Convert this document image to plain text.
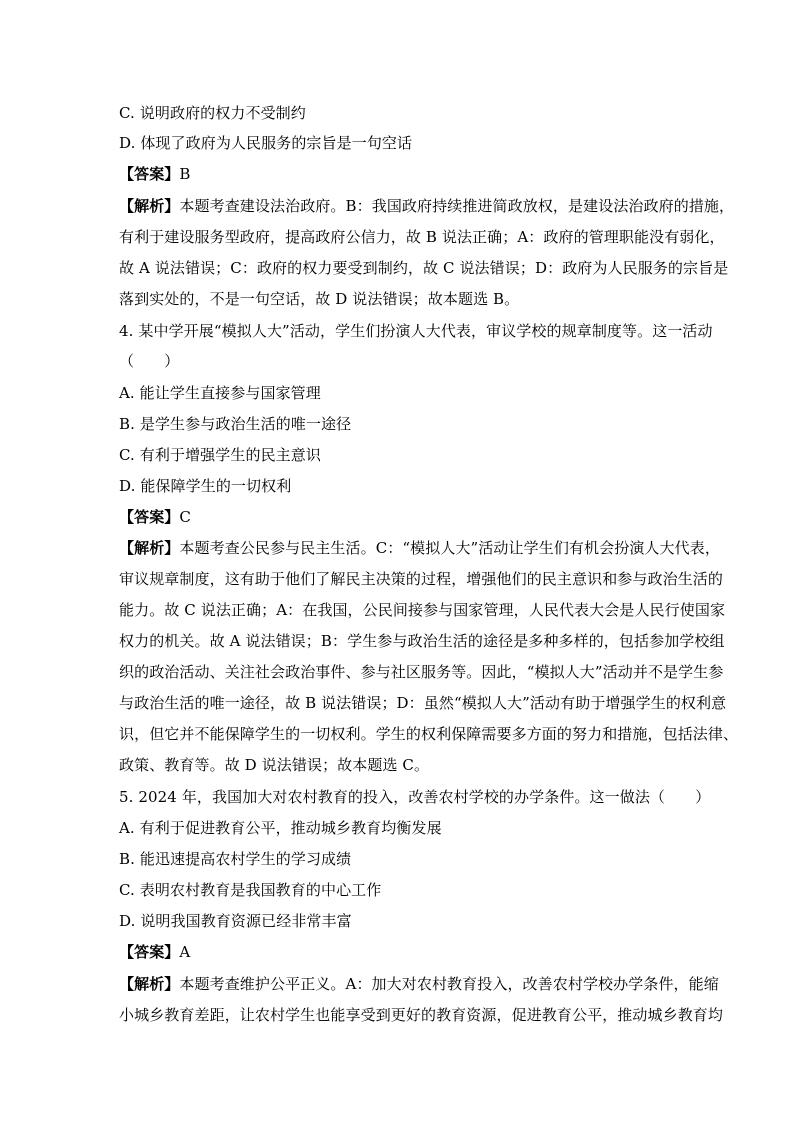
C. 说明政府的权力不受制约
D. 体现了政府为人民服务的宗旨是一句空话
【答案】B
【解析】本题考查建设法治政府。B：我国政府持续推进简政放权，是建设法治政府的措施，
有利于建设服务型政府，提高政府公信力，故 B 说法正确；A：政府的管理职能没有弱化，
故 A 说法错误；C：政府的权力要受到制约，故 C 说法错误；D：政府为人民服务的宗旨是
落到实处的，不是一句空话，故 D 说法错误；故本题选 B。
4. 某中学开展“模拟人大”活动，学生们扮演人大代表，审议学校的规章制度等。这一活动
（　　）
A. 能让学生直接参与国家管理
B. 是学生参与政治生活的唯一途径
C. 有利于增强学生的民主意识
D. 能保障学生的一切权利
【答案】C
【解析】本题考查公民参与民主生活。C：“模拟人大”活动让学生们有机会扮演人大代表，
审议规章制度，这有助于他们了解民主决策的过程，增强他们的民主意识和参与政治生活的
能力。故 C 说法正确；A：在我国，公民间接参与国家管理，人民代表大会是人民行使国家
权力的机关。故 A 说法错误；B：学生参与政治生活的途径是多种多样的，包括参加学校组
织的政治活动、关注社会政治事件、参与社区服务等。因此，“模拟人大”活动并不是学生参
与政治生活的唯一途径，故 B 说法错误；D：虽然“模拟人大”活动有助于增强学生的权利意
识，但它并不能保障学生的一切权利。学生的权利保障需要多方面的努力和措施，包括法律、
政策、教育等。故 D 说法错误；故本题选 C。
5. 2024 年，我国加大对农村教育的投入，改善农村学校的办学条件。这一做法（　　）
A. 有利于促进教育公平，推动城乡教育均衡发展
B. 能迅速提高农村学生的学习成绩
C. 表明农村教育是我国教育的中心工作
D. 说明我国教育资源已经非常丰富
【答案】A
【解析】本题考查维护公平正义。A：加大对农村教育投入，改善农村学校办学条件，能缩
小城乡教育差距，让农村学生也能享受到更好的教育资源，促进教育公平，推动城乡教育均
